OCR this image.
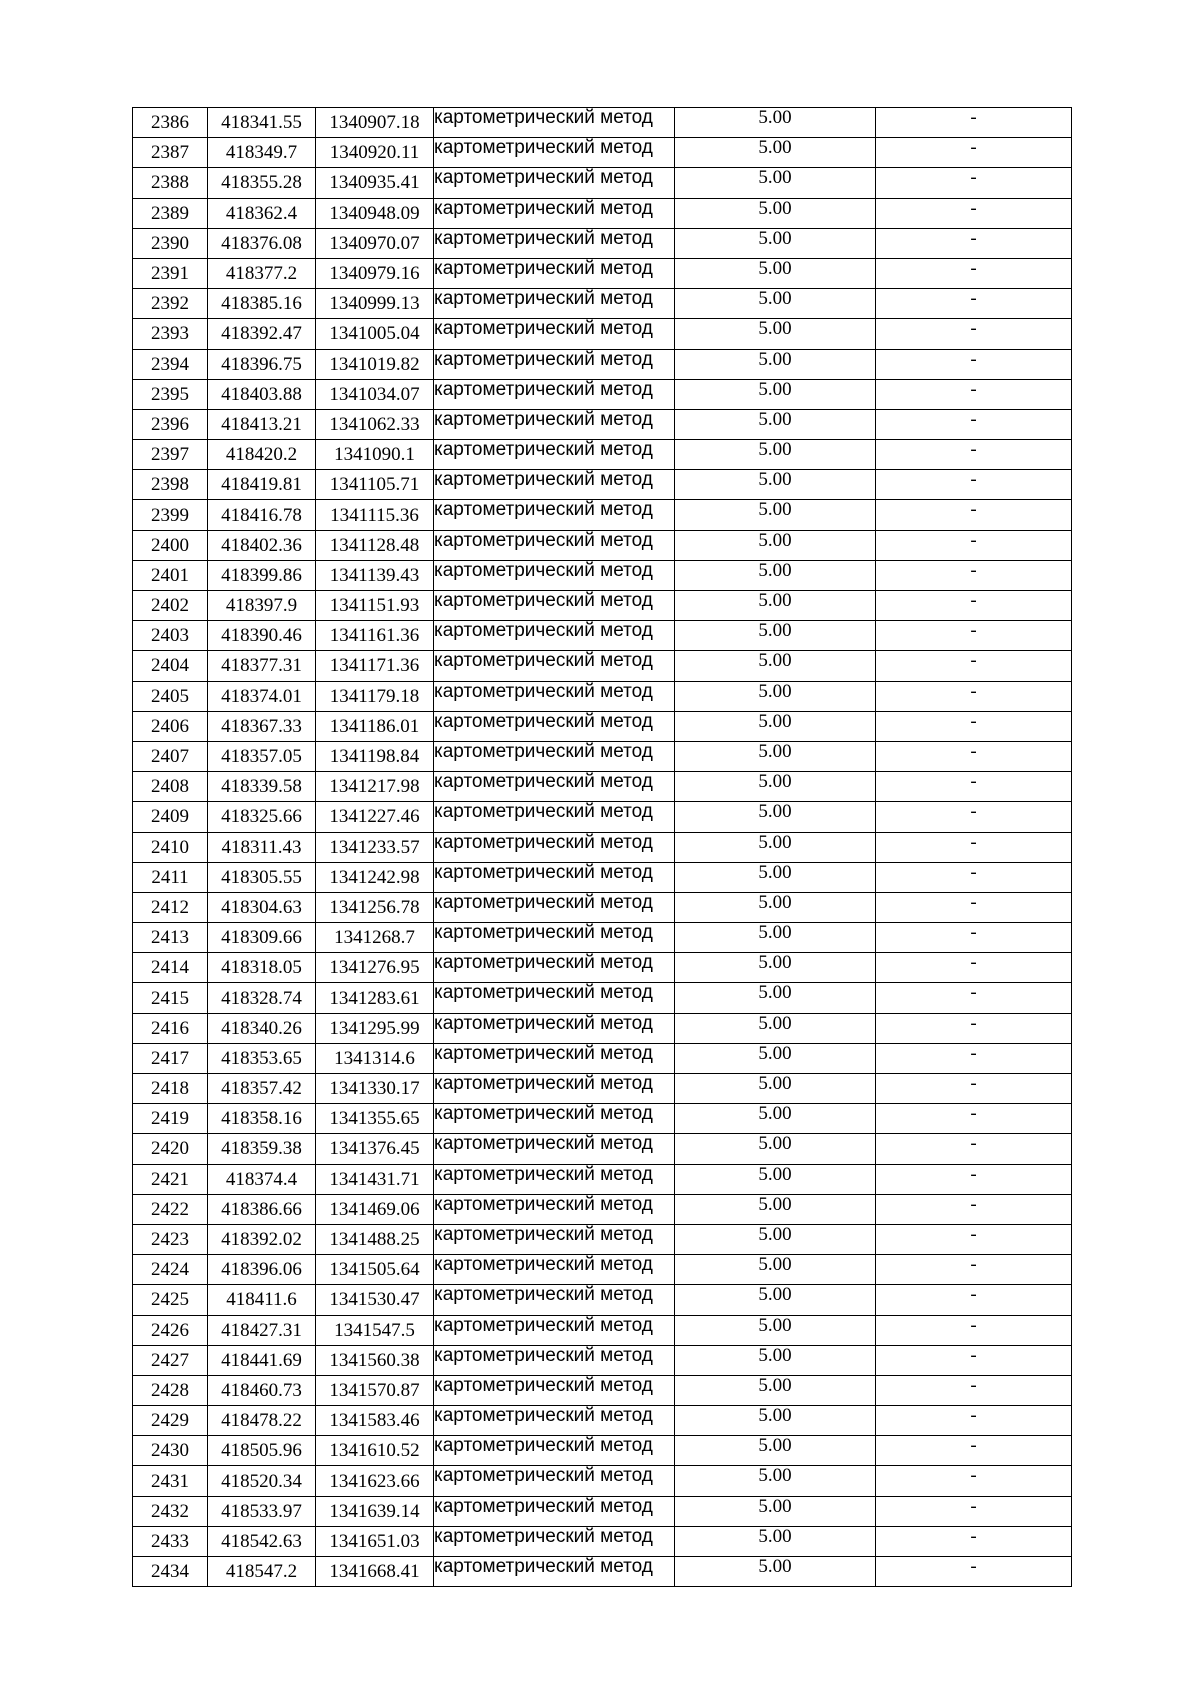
2386	418341.55	1340907.18	картометрический метод	5.00	-
2387	418349.7	1340920.11	картометрический метод	5.00	-
2388	418355.28	1340935.41	картометрический метод	5.00	-
2389	418362.4	1340948.09	картометрический метод	5.00	-
2390	418376.08	1340970.07	картометрический метод	5.00	-
2391	418377.2	1340979.16	картометрический метод	5.00	-
2392	418385.16	1340999.13	картометрический метод	5.00	-
2393	418392.47	1341005.04	картометрический метод	5.00	-
2394	418396.75	1341019.82	картометрический метод	5.00	-
2395	418403.88	1341034.07	картометрический метод	5.00	-
2396	418413.21	1341062.33	картометрический метод	5.00	-
2397	418420.2	1341090.1	картометрический метод	5.00	-
2398	418419.81	1341105.71	картометрический метод	5.00	-
2399	418416.78	1341115.36	картометрический метод	5.00	-
2400	418402.36	1341128.48	картометрический метод	5.00	-
2401	418399.86	1341139.43	картометрический метод	5.00	-
2402	418397.9	1341151.93	картометрический метод	5.00	-
2403	418390.46	1341161.36	картометрический метод	5.00	-
2404	418377.31	1341171.36	картометрический метод	5.00	-
2405	418374.01	1341179.18	картометрический метод	5.00	-
2406	418367.33	1341186.01	картометрический метод	5.00	-
2407	418357.05	1341198.84	картометрический метод	5.00	-
2408	418339.58	1341217.98	картометрический метод	5.00	-
2409	418325.66	1341227.46	картометрический метод	5.00	-
2410	418311.43	1341233.57	картометрический метод	5.00	-
2411	418305.55	1341242.98	картометрический метод	5.00	-
2412	418304.63	1341256.78	картометрический метод	5.00	-
2413	418309.66	1341268.7	картометрический метод	5.00	-
2414	418318.05	1341276.95	картометрический метод	5.00	-
2415	418328.74	1341283.61	картометрический метод	5.00	-
2416	418340.26	1341295.99	картометрический метод	5.00	-
2417	418353.65	1341314.6	картометрический метод	5.00	-
2418	418357.42	1341330.17	картометрический метод	5.00	-
2419	418358.16	1341355.65	картометрический метод	5.00	-
2420	418359.38	1341376.45	картометрический метод	5.00	-
2421	418374.4	1341431.71	картометрический метод	5.00	-
2422	418386.66	1341469.06	картометрический метод	5.00	-
2423	418392.02	1341488.25	картометрический метод	5.00	-
2424	418396.06	1341505.64	картометрический метод	5.00	-
2425	418411.6	1341530.47	картометрический метод	5.00	-
2426	418427.31	1341547.5	картометрический метод	5.00	-
2427	418441.69	1341560.38	картометрический метод	5.00	-
2428	418460.73	1341570.87	картометрический метод	5.00	-
2429	418478.22	1341583.46	картометрический метод	5.00	-
2430	418505.96	1341610.52	картометрический метод	5.00	-
2431	418520.34	1341623.66	картометрический метод	5.00	-
2432	418533.97	1341639.14	картометрический метод	5.00	-
2433	418542.63	1341651.03	картометрический метод	5.00	-
2434	418547.2	1341668.41	картометрический метод	5.00	-
